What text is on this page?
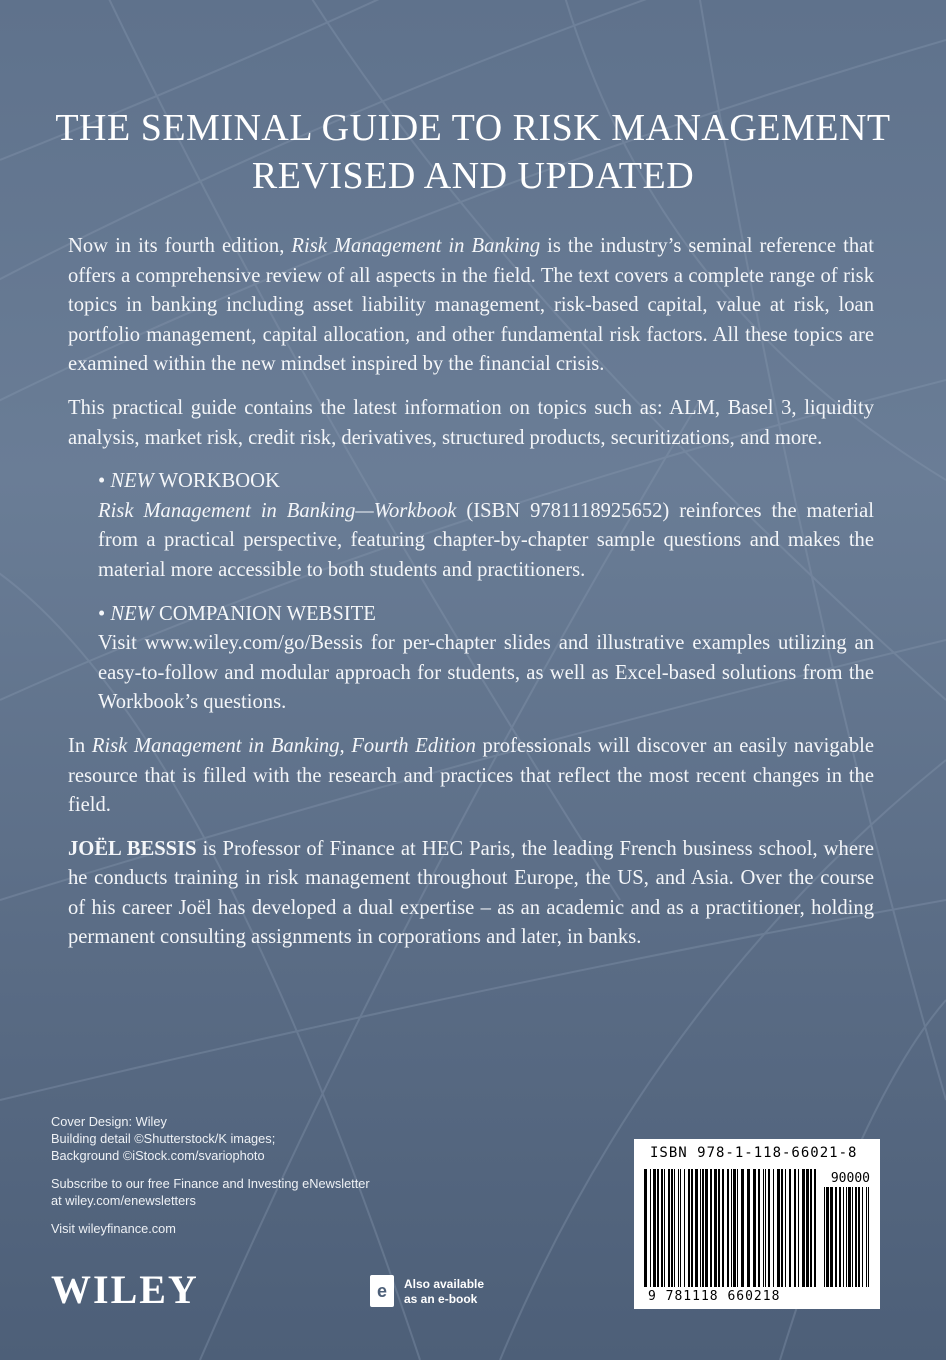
THE SEMINAL GUIDE TO RISK MANAGEMENT
REVISED AND UPDATED

Now in its fourth edition, Risk Management in Banking is the industry’s seminal reference that offers a comprehensive review of all aspects in the field. The text covers a complete range of risk topics in banking including asset liability management, risk-based capital, value at risk, loan portfolio management, capital allocation, and other fundamental risk factors. All these topics are examined within the new mindset inspired by the financial crisis.

This practical guide contains the latest information on topics such as: ALM, Basel 3, liquidity analysis, market risk, credit risk, derivatives, structured products, securitizations, and more.

• NEW WORKBOOK
Risk Management in Banking—Workbook (ISBN 9781118925652) reinforces the material from a practical perspective, featuring chapter-by-chapter sample questions and makes the material more accessible to both students and practitioners.
• NEW COMPANION WEBSITE
Visit www.wiley.com/go/Bessis for per-chapter slides and illustrative examples utilizing an easy-to-follow and modular approach for students, as well as Excel-based solutions from the Workbook’s questions.

In Risk Management in Banking, Fourth Edition professionals will discover an easily navigable resource that is filled with the research and practices that reflect the most recent changes in the field.

JOËL BESSIS is Professor of Finance at HEC Paris, the leading French business school, where he conducts training in risk management throughout Europe, the US, and Asia. Over the course of his career Joël has developed a dual expertise – as an academic and as a practitioner, holding permanent consulting assignments in corporations and later, in banks.

Cover Design: Wiley
Building detail ©Shutterstock/K images;
Background ©iStock.com/svariophoto

Subscribe to our free Finance and Investing eNewsletter
at wiley.com/enewsletters

Visit wileyfinance.com

WILEY	e	Also available
as an e-book
ISBN 978-1-118-66021-8
90000
9 781118 660218
